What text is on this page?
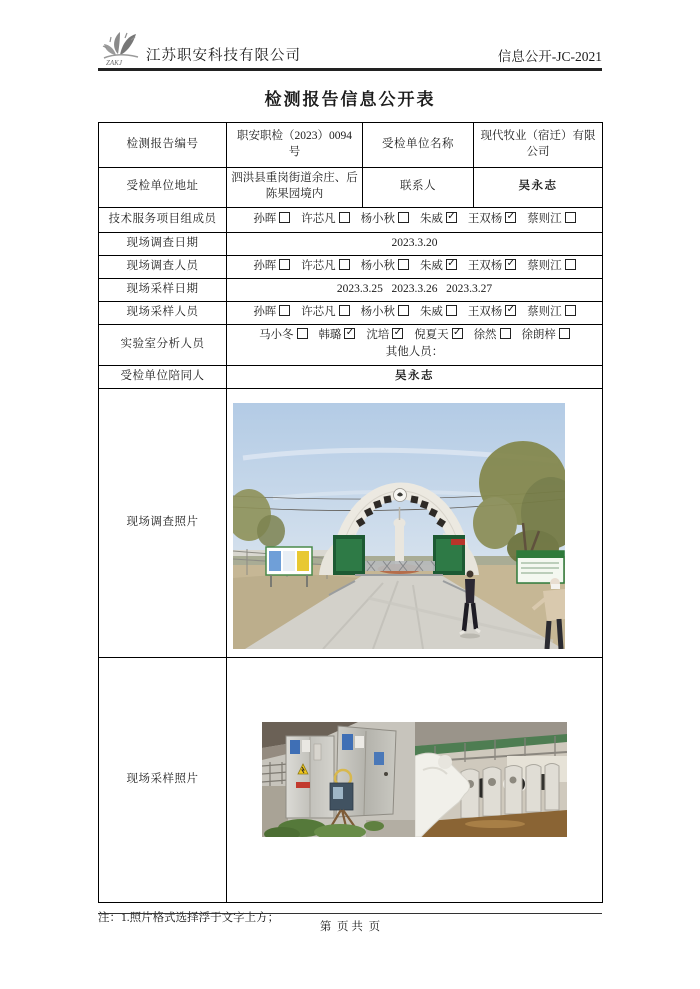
ZAKJ 江苏职安科技有限公司	信息公开-JC-2021
检测报告信息公开表
检测报告编号	职安职检（2023）0094 号	受检单位名称	现代牧业（宿迁）有限公司
受检单位地址	泗洪县重岗街道余庄、后陈果园境内	联系人	吴永志
技术服务项目组成员	孙晖 许芯凡 杨小秋 朱威 ✓ 王双杨✓ 蔡则江
现场调查日期	2023.3.20		
现场调查人员	孙晖 许芯凡 杨小秋 朱威 ✓ 王双杨✓ 蔡则江
现场采样日期	2023.3.25   2023.3.26   2023.3.27		
现场采样人员	孙晖 许芯凡 杨小秋 朱威 王双杨✓ 蔡则江
实验室分析人员	马小冬 韩璐 ✓ 沈培 ✓ 倪夏天 ✓ 徐然 徐朗梓
其他人员：

受检单位陪同人	吴永志		
现场调查照片	

现场采样照片	
注：1.照片格式选择浮于文字上方；
第  页 共  页
